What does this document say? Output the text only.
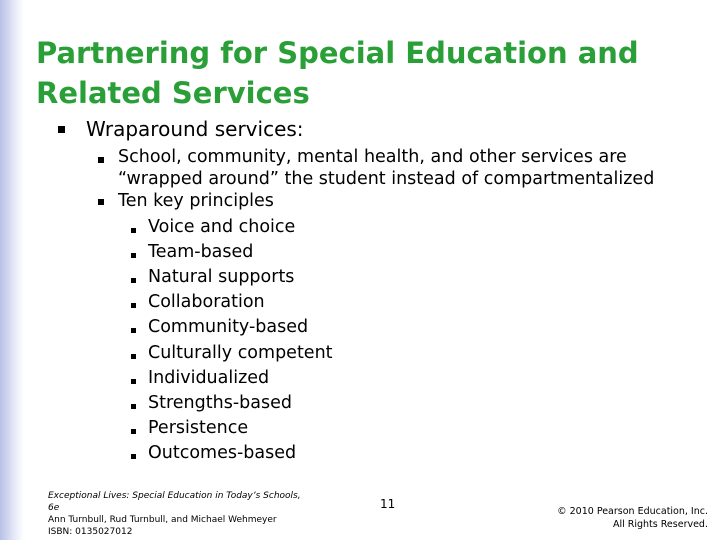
Partnering for Special Education and
Related Services

Wraparound services:

School, community, mental health, and other services are

“wrapped around” the student instead of compartmentalized

Ten key principles

Voice and choice

Team-based

Natural supports

Collaboration

Community-based

Culturally competent

Individualized

Strengths-based

Persistence

Outcomes-based

Exceptional Lives: Special Education in Today’s Schools,
6e
Ann Turnbull, Rud Turnbull, and Michael Wehmeyer
ISBN: 0135027012
11
© 2010 Pearson Education, Inc.
All Rights Reserved.
